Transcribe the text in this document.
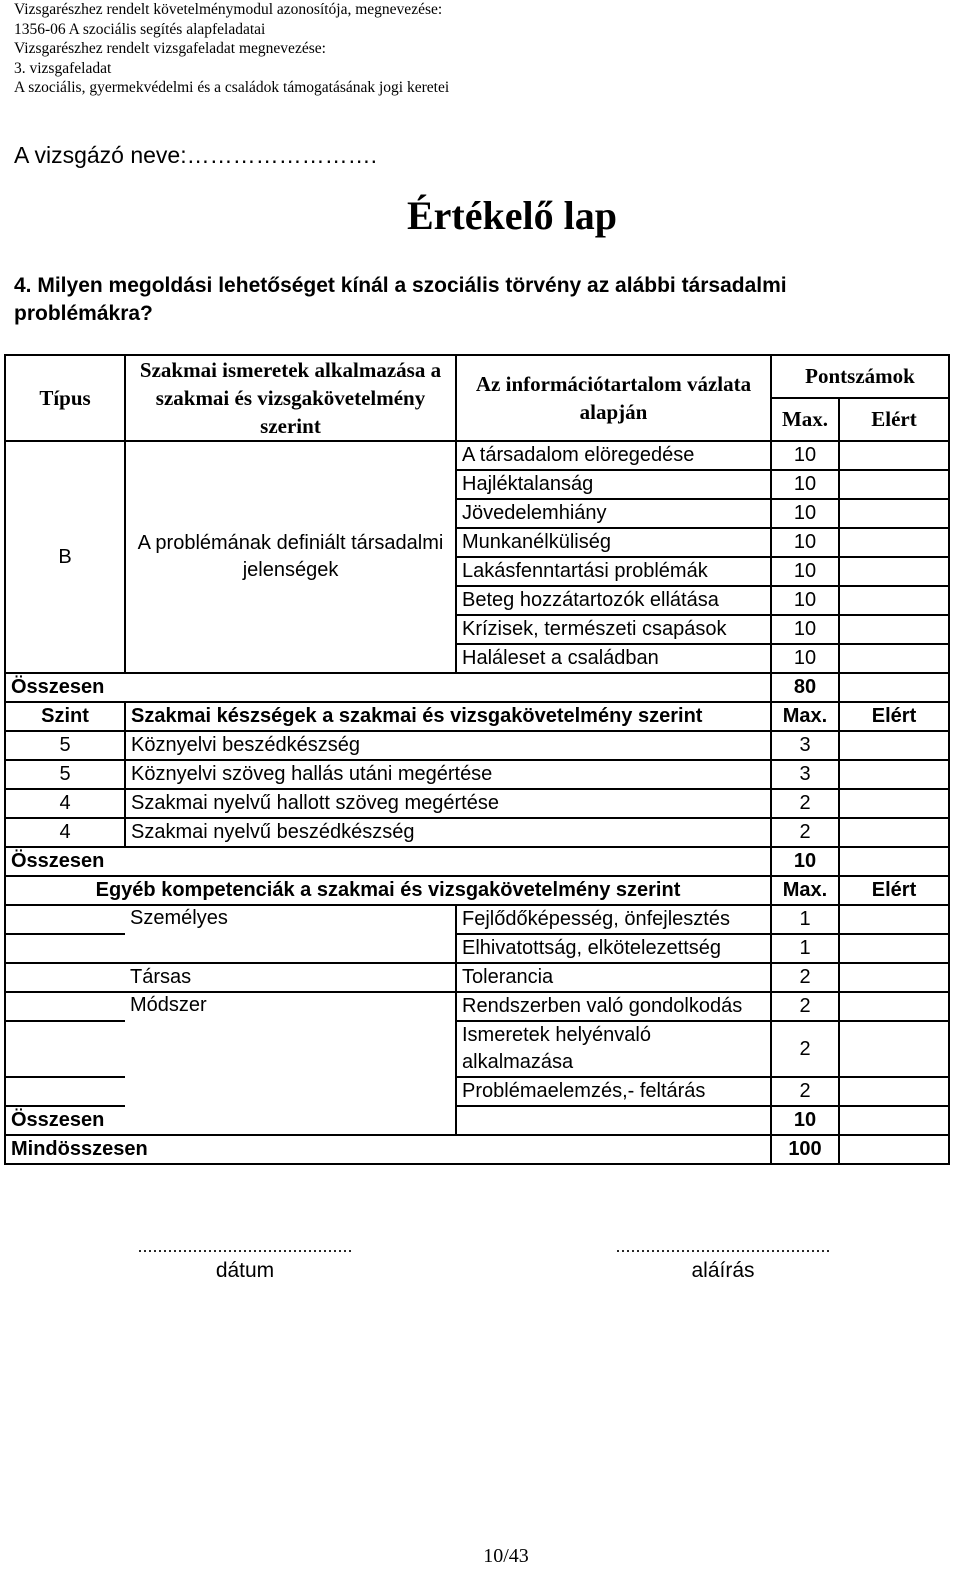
Vizsgarészhez rendelt követelménymodul azonosítója, megnevezése:
1356-06 A szociális segítés alapfeladatai
Vizsgarészhez rendelt vizsgafeladat megnevezése:
3. vizsgafeladat
A szociális, gyermekvédelmi és a családok támogatásának jogi keretei
A vizsgázó neve:…………………….
Értékelő lap
4. Milyen megoldási lehetőséget kínál a szociális törvény az alábbi társadalmi problémákra?
Típus	Szakmai ismeretek alkalmazása a szakmai és vizsgakövetelmény szerint	Az információtartalom vázlata alapján	Pontszámok	
			Max.	Elért
B	A problémának definiált társadalmi jelenségek	A társadalom elöregedése	10	
		Hajléktalanság	10	
		Jövedelemhiány	10	
		Munkanélküliség	10	
		Lakásfenntartási problémák	10	
		Beteg hozzátartozók ellátása	10	
		Krízisek, természeti csapások	10	
		Haláleset a családban	10	
Összesen			80	
Szint	Szakmai készségek a szakmai és vizsgakövetelmény szerint		Max.	Elért
5	Köznyelvi beszédkészség		3	
5	Köznyelvi szöveg hallás utáni megértése		3	
4	Szakmai nyelvű hallott szöveg megértése		2	
4	Szakmai nyelvű beszédkészség		2	
Összesen			10	
Egyéb kompetenciák a szakmai és vizsgakövetelmény szerint			Max.	Elért
	Személyes	Fejlődőképesség, önfejlesztés	1	
		Elhivatottság, elkötelezettség	1	
	Társas	Tolerancia	2	
	Módszer	Rendszerben való gondolkodás	2	
		Ismeretek helyénvaló alkalmazása	2	
		Problémaelemzés,- feltárás	2	
Összesen			10	
Mindösszesen			100	
...........................................
dátum
...........................................
aláírás
10/43
